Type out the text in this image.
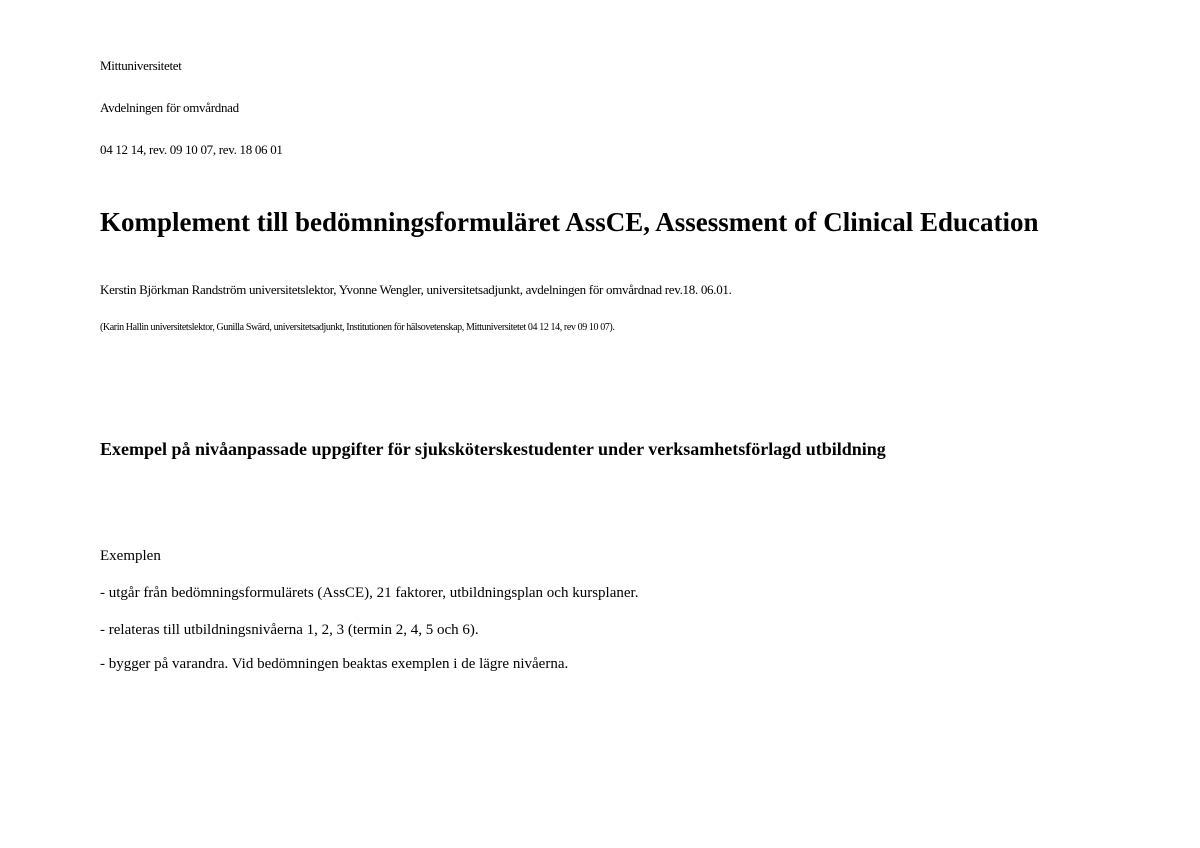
Mittuniversitetet

Avdelningen för omvårdnad

04 12 14, rev. 09 10 07, rev. 18 06 01

Komplement till bedömningsformuläret AssCE, Assessment of Clinical Education

Kerstin Björkman Randström universitetslektor, Yvonne Wengler, universitetsadjunkt, avdelningen för omvårdnad rev.18. 06.01.

(Karin Hallin universitetslektor, Gunilla Swärd, universitetsadjunkt, Institutionen för hälsovetenskap, Mittuniversitetet 04 12 14, rev 09 10 07).

Exempel på nivåanpassade uppgifter för sjuksköterskestudenter under verksamhetsförlagd utbildning

Exemplen

- utgår från bedömningsformulärets (AssCE), 21 faktorer, utbildningsplan och kursplaner.

- relateras till utbildningsnivåerna 1, 2, 3 (termin 2, 4, 5 och 6).

- bygger på varandra. Vid bedömningen beaktas exemplen i de lägre nivåerna.
